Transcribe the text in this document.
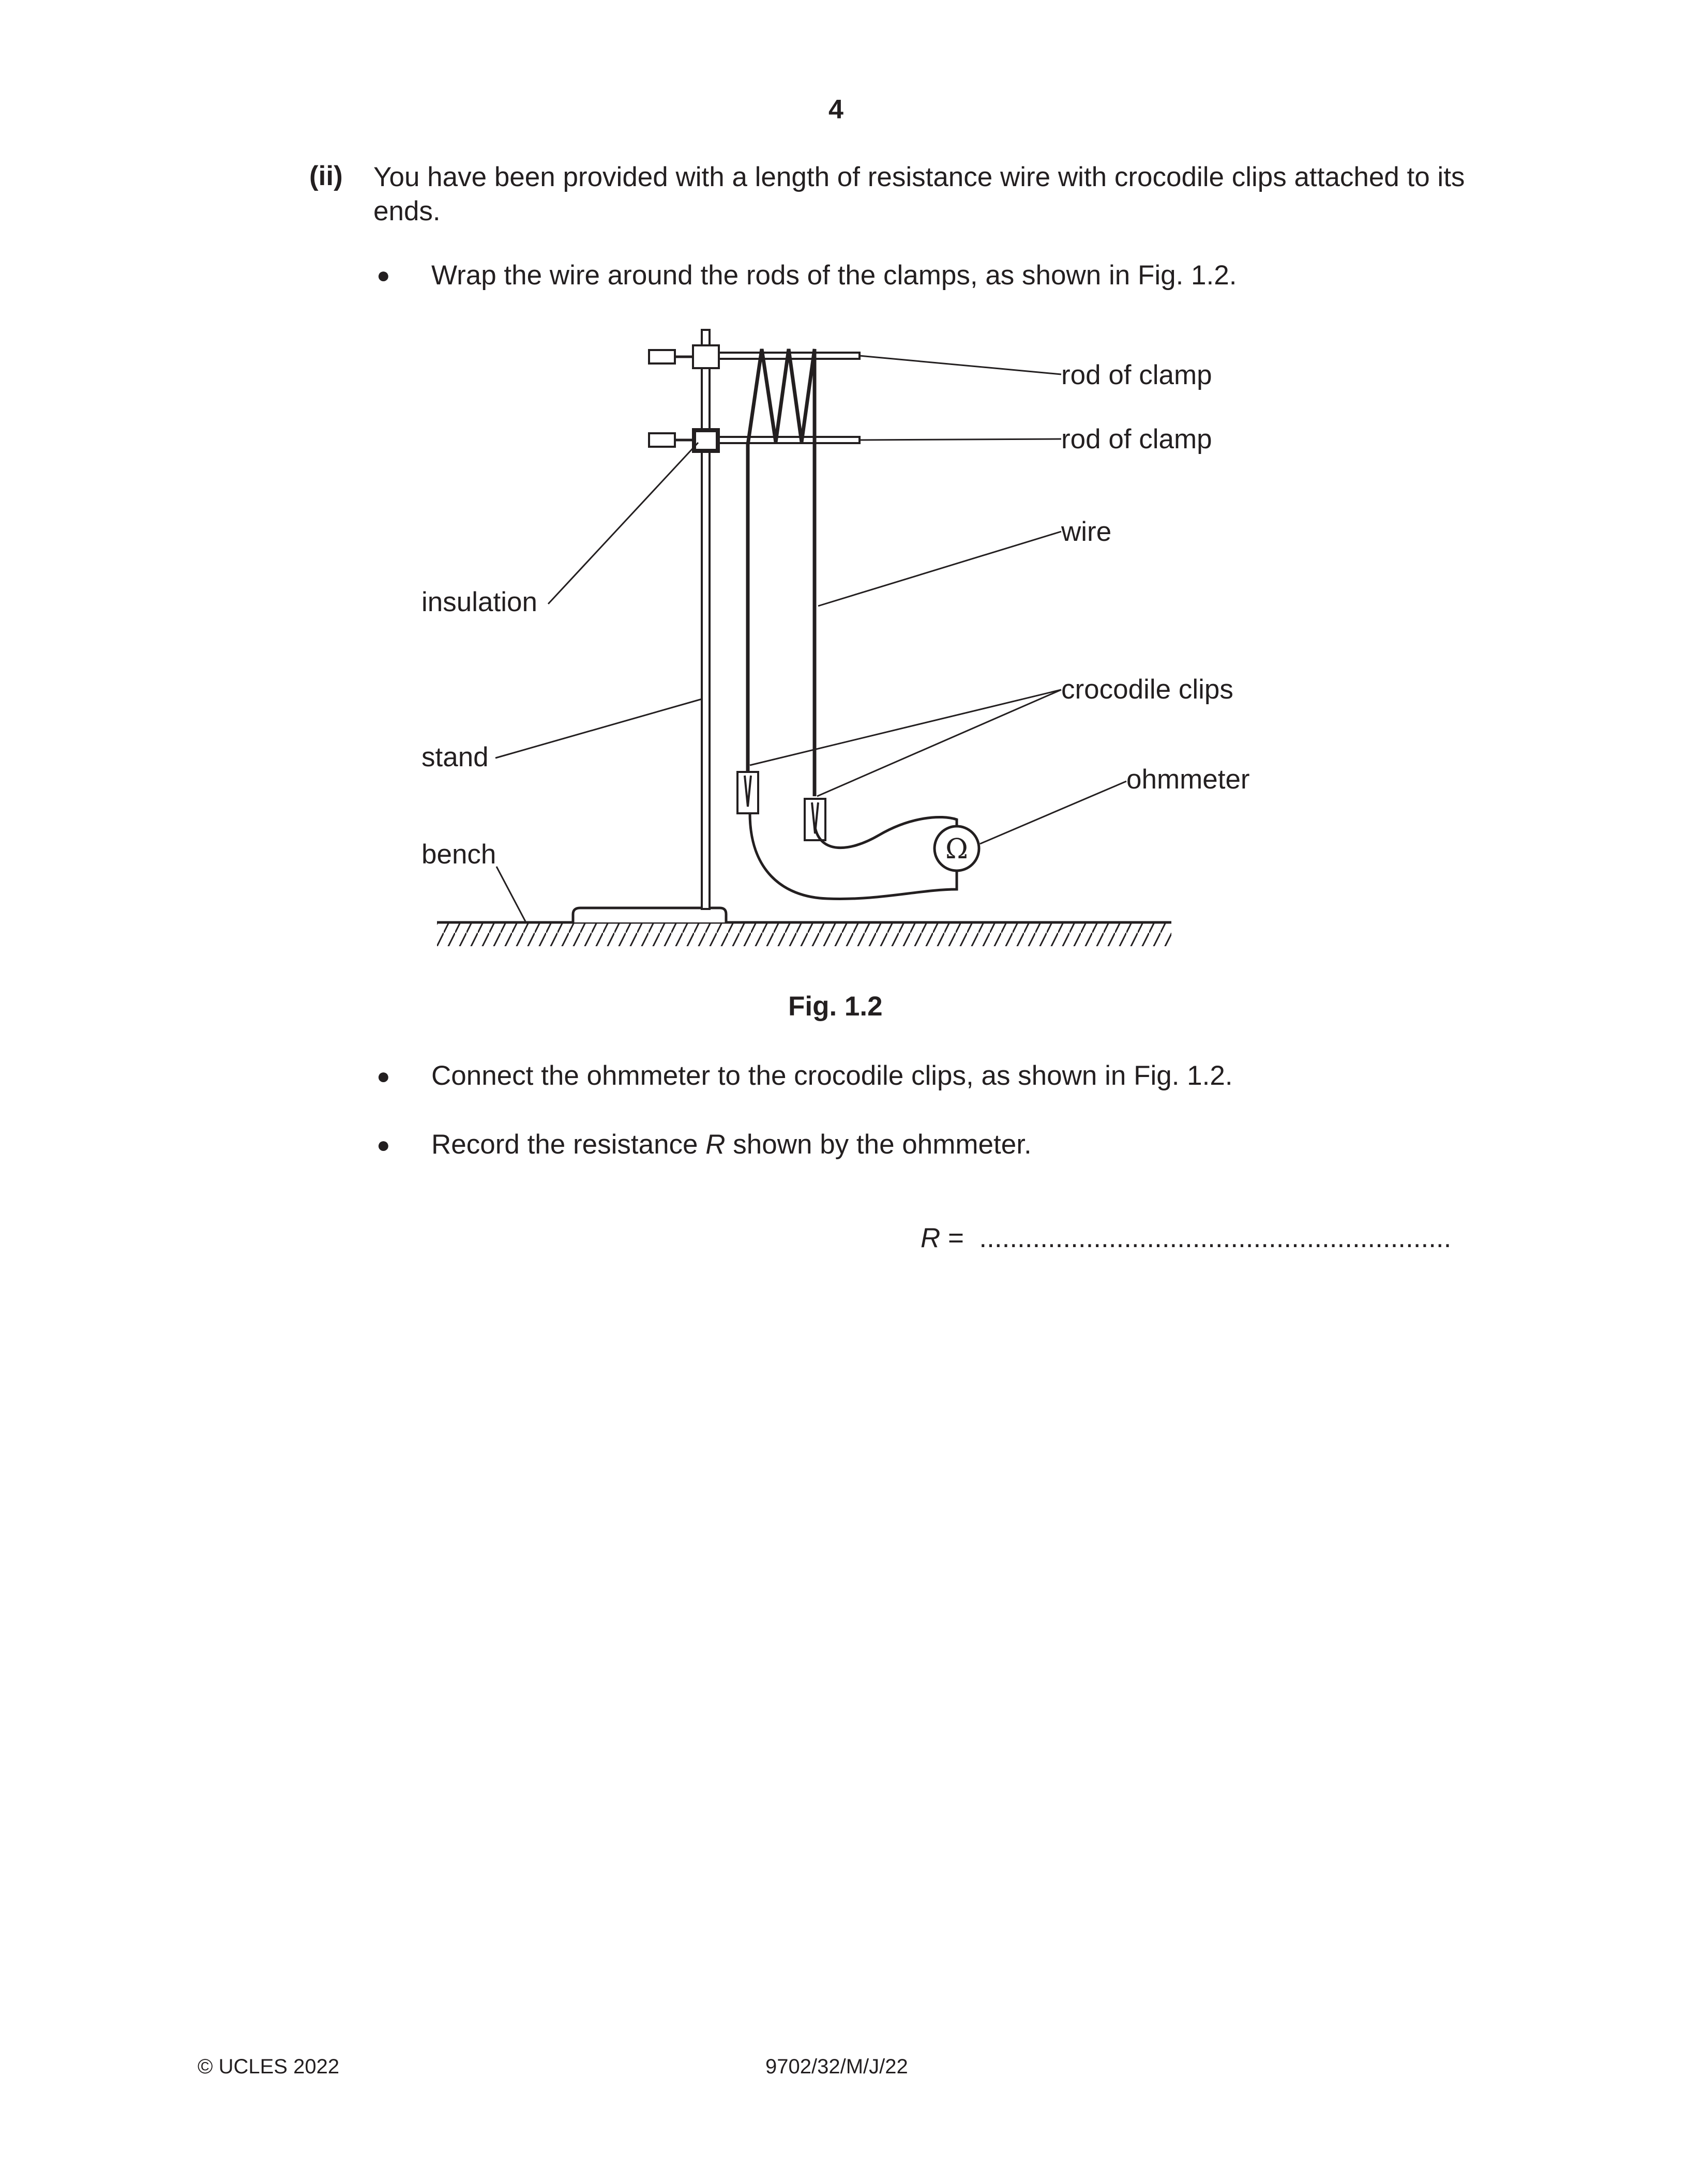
4
(ii) You have been provided with a length of resistance wire with crocodile clips attached to its ends.
● Wrap the wire around the rods of the clamps, as shown in Fig. 1.2.
Ω
rod of clamp
rod of clamp
wire
insulation
crocodile clips
stand
ohmmeter
bench
Fig. 1.2
● Connect the ohmmeter to the crocodile clips, as shown in Fig. 1.2.
● Record the resistance R shown by the ohmmeter.
R =  ..............................................................
© UCLES 2022	9702/32/M/J/22
